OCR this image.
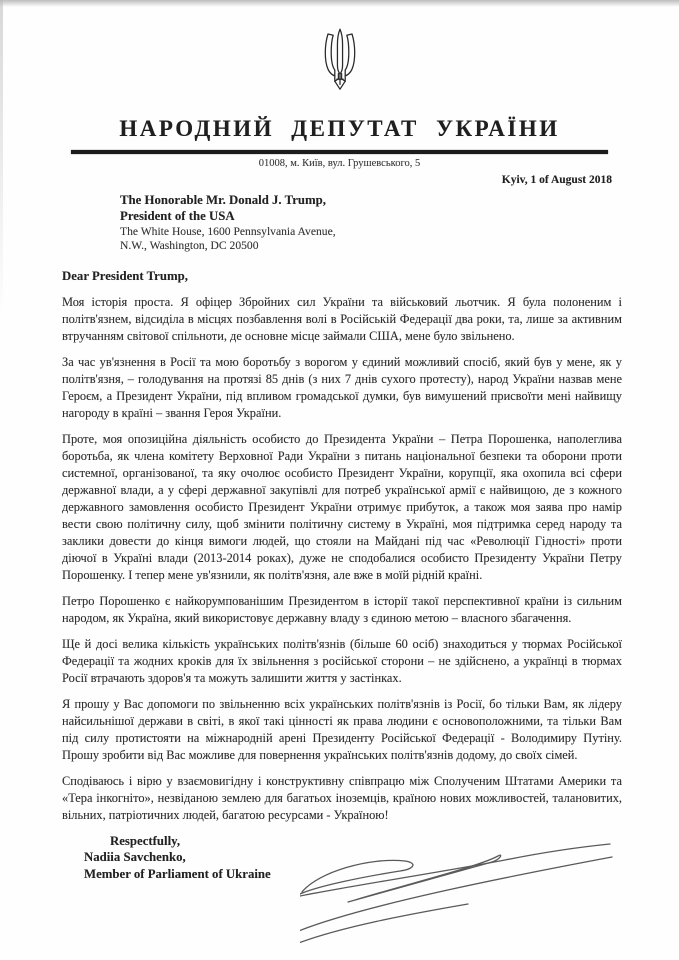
НАРОДНИЙ ДЕПУТАТ УКРАЇНИ
01008, м. Київ, вул. Грушевського, 5
Kyiv, 1 of August 2018
The Honorable Mr. Donald J. Trump,
President of the USA
The White House, 1600 Pennsylvania Avenue,
N.W., Washington, DC 20500
Dear President Trump,

Моя історія проста. Я офіцер Збройних сил України та військовий льотчик. Я була полоненим і політв'язнем, відсиділа в місцях позбавлення волі в Російській Федерації два роки, та, лише за активним втручанням світової спільноти, де основне місце займали США, мене було звільнено.

За час ув'язнення в Росії та мою боротьбу з ворогом у єдиний можливий спосіб, який був у мене, як у політв'язня, – голодування на протязі 85 днів (з них 7 днів сухого протесту), народ України назвав мене Героєм, а Президент України, під впливом громадської думки, був вимушений присвоїти мені найвищу нагороду в країні – звання Героя України.

Проте, моя опозиційна діяльність особисто до Президента України – Петра Порошенка, наполеглива боротьба, як члена комітету Верховної Ради України з питань національної безпеки та оборони проти системної, організованої, та яку очолює особисто Президент України, корупції, яка охопила всі сфери державної влади, а у сфері державної закупівлі для потреб української армії є найвищою, де з кожного державного замовлення особисто Президент України отримує прибуток, а також моя заява про намір вести свою політичну силу, щоб змінити політичну систему в Україні, моя підтримка серед народу та заклики довести до кінця вимоги людей, що стояли на Майдані під час «Революції Гідності» проти діючої в Україні влади (2013-2014 роках), дуже не сподобалися особисто Президенту України Петру Порошенку. І тепер мене ув'язнили, як політв'язня, але вже в моїй рідній країні.

Петро Порошенко є найкорумпованішим Президентом в історії такої перспективної країни із сильним народом, як Україна, який використовує державну владу з єдиною метою – власного збагачення.

Ще й досі велика кількість українських політв'язнів (більше 60 осіб) знаходиться у тюрмах Російської Федерації та жодних кроків для їх звільнення з російської сторони – не здійснено, а українці в тюрмах Росії втрачають здоров'я та можуть залишити життя у застінках.

Я прошу у Вас допомоги по звільненню всіх українських політв'язнів із Росії, бо тільки Вам, як лідеру найсильнішої держави в світі, в якої такі цінності як права людини є основоположними, та тільки Вам під силу протистояти на міжнародній арені Президенту Російської Федерації - Володимиру Путіну. Прошу зробити від Вас можливе для повернення українських політв'язнів додому, до своїх сімей.

Сподіваюсь і вірю у взаємовигідну і конструктивну співпрацю між Сполученим Штатами Америки та «Тера інкогніто», незвіданою землею для багатьох іноземців, країною нових можливостей, талановитих, вільних, патріотичних людей, багатою ресурсами - Україною!

Respectfully,
Nadiia Savchenko,
Member of Parliament of Ukraine
